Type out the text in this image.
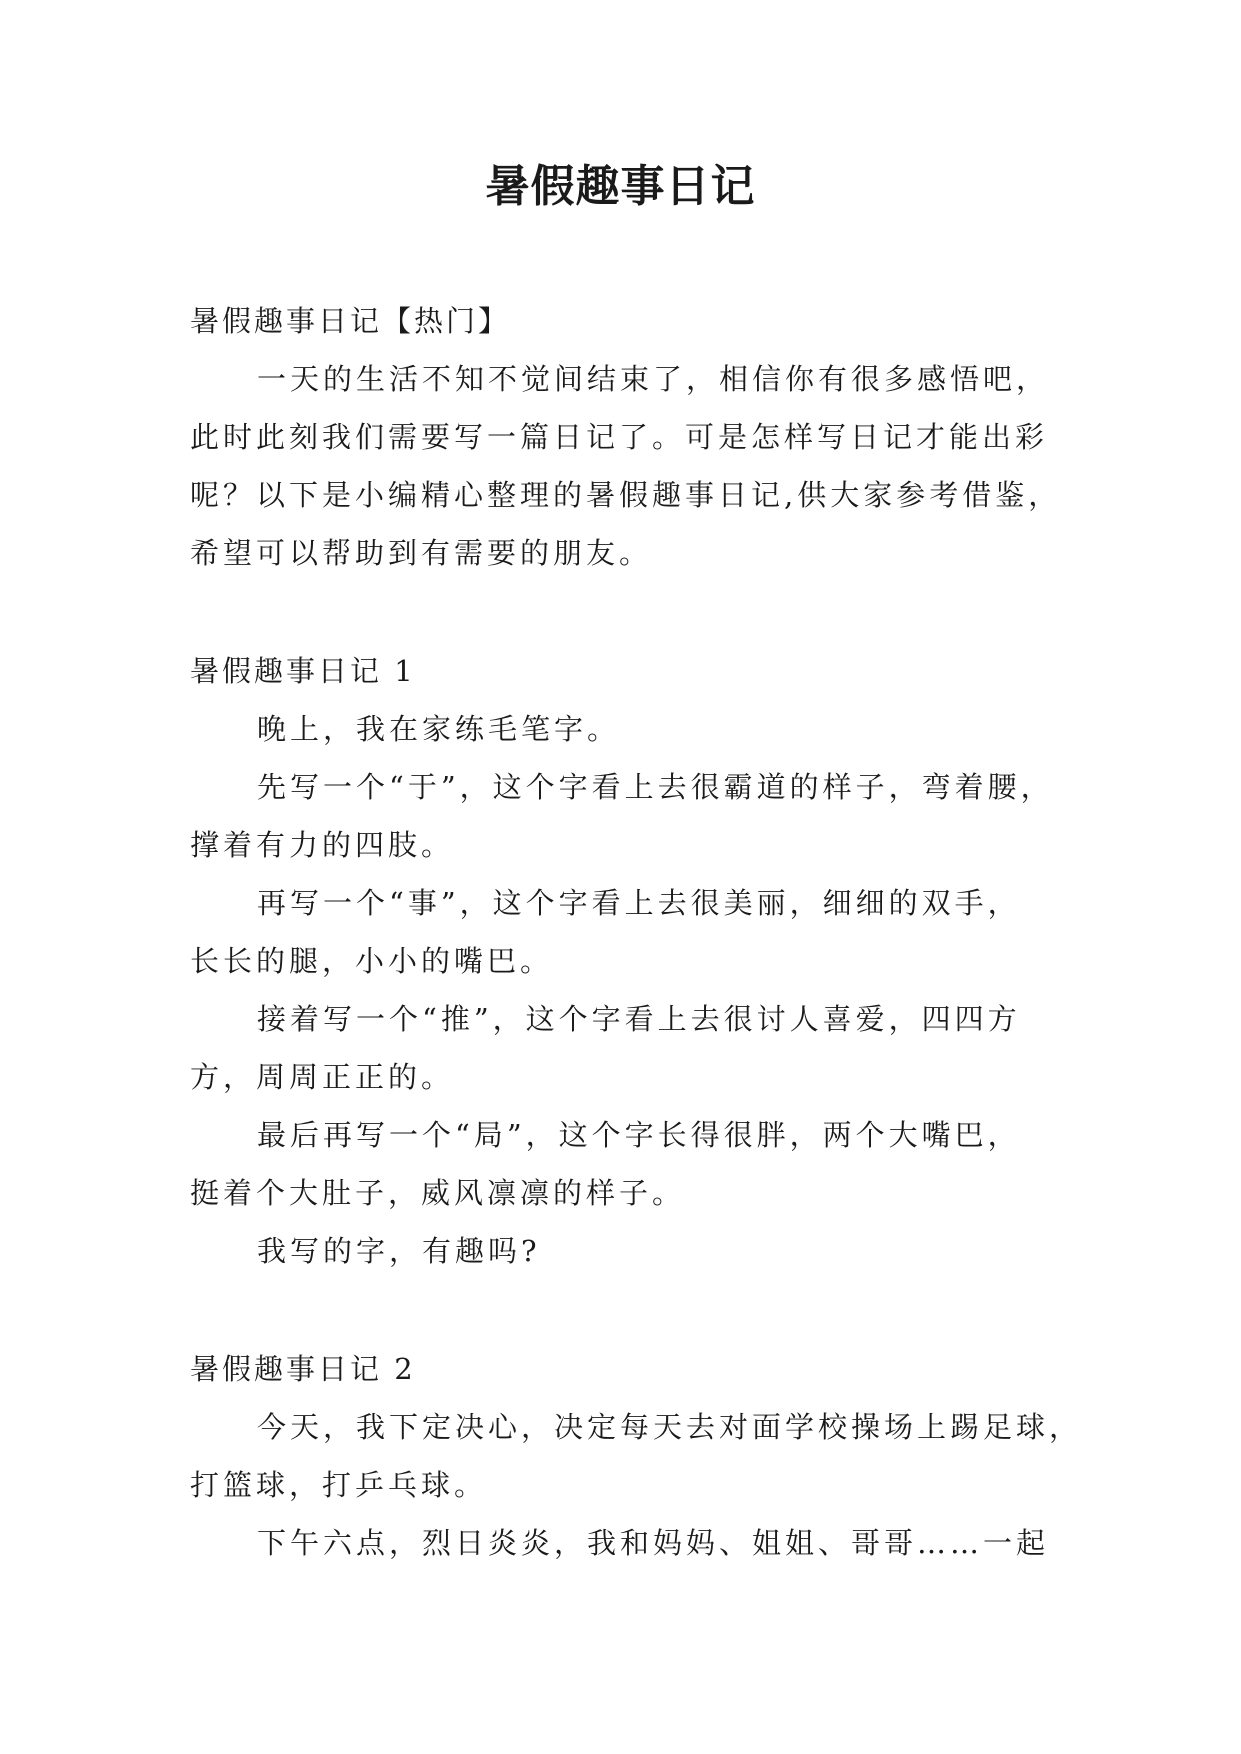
暑假趣事日记
暑假趣事日记【热门】
一天的生活不知不觉间结束了，相信你有很多感悟吧，
此时此刻我们需要写一篇日记了。可是怎样写日记才能出彩
呢？以下是小编精心整理的暑假趣事日记,供大家参考借鉴，
希望可以帮助到有需要的朋友。
暑假趣事日记 1
晚上，我在家练毛笔字。
先写一个“于”，这个字看上去很霸道的样子，弯着腰，
撑着有力的四肢。
再写一个“事”，这个字看上去很美丽，细细的双手，
长长的腿，小小的嘴巴。
接着写一个“推”，这个字看上去很讨人喜爱，四四方
方，周周正正的。
最后再写一个“局”，这个字长得很胖，两个大嘴巴，
挺着个大肚子，威风凛凛的样子。
我写的字，有趣吗?
暑假趣事日记 2
今天，我下定决心，决定每天去对面学校操场上踢足球，
打篮球，打乒乓球。
下午六点，烈日炎炎，我和妈妈、姐姐、哥哥……一起
